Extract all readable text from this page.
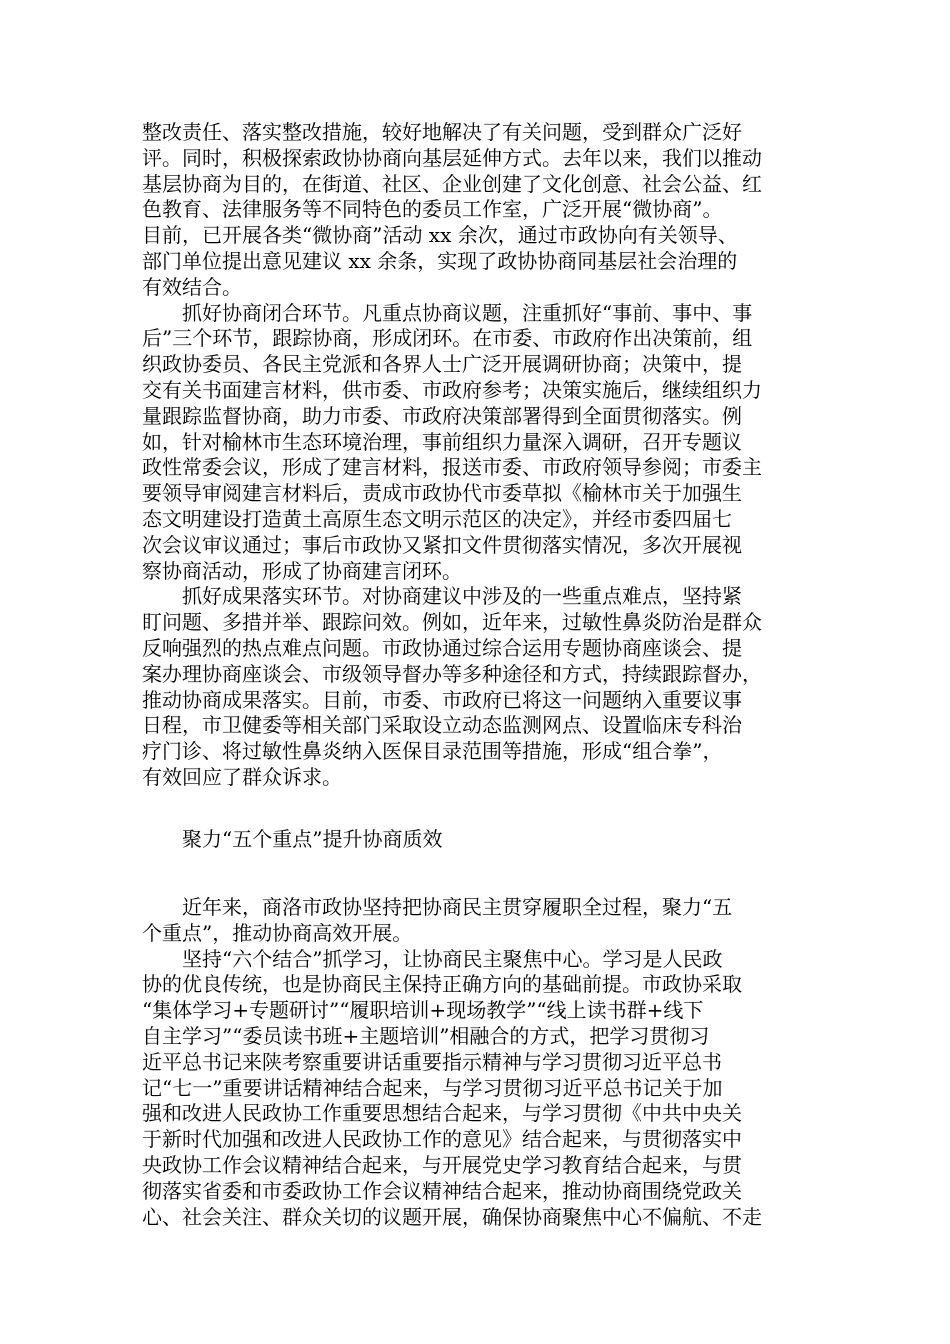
整改责任、落实整改措施，较好地解决了有关问题，受到群众广泛好
评。同时，积极探索政协协商向基层延伸方式。去年以来，我们以推动
基层协商为目的，在街道、社区、企业创建了文化创意、社会公益、红
色教育、法律服务等不同特色的委员工作室，广泛开展“微协商”。
目前，已开展各类“微协商”活动 xx 余次，通过市政协向有关领导、
部门单位提出意见建议 xx 余条，实现了政协协商同基层社会治理的
有效结合。
抓好协商闭合环节。凡重点协商议题，注重抓好“事前、事中、事
后”三个环节，跟踪协商，形成闭环。在市委、市政府作出决策前，组
织政协委员、各民主党派和各界人士广泛开展调研协商；决策中，提
交有关书面建言材料，供市委、市政府参考；决策实施后，继续组织力
量跟踪监督协商，助力市委、市政府决策部署得到全面贯彻落实。例
如，针对榆林市生态环境治理，事前组织力量深入调研，召开专题议
政性常委会议，形成了建言材料，报送市委、市政府领导参阅；市委主
要领导审阅建言材料后，责成市政协代市委草拟《榆林市关于加强生
态文明建设打造黄土高原生态文明示范区的决定》，并经市委四届七
次会议审议通过；事后市政协又紧扣文件贯彻落实情况，多次开展视
察协商活动，形成了协商建言闭环。
抓好成果落实环节。对协商建议中涉及的一些重点难点，坚持紧
盯问题、多措并举、跟踪问效。例如，近年来，过敏性鼻炎防治是群众
反响强烈的热点难点问题。市政协通过综合运用专题协商座谈会、提
案办理协商座谈会、市级领导督办等多种途径和方式，持续跟踪督办，
推动协商成果落实。目前，市委、市政府已将这一问题纳入重要议事
日程，市卫健委等相关部门采取设立动态监测网点、设置临床专科治
疗门诊、将过敏性鼻炎纳入医保目录范围等措施，形成“组合拳”，
有效回应了群众诉求。
聚力“五个重点”提升协商质效
近年来，商洛市政协坚持把协商民主贯穿履职全过程，聚力“五
个重点”，推动协商高效开展。
坚持“六个结合”抓学习，让协商民主聚焦中心。学习是人民政
协的优良传统，也是协商民主保持正确方向的基础前提。市政协采取
“集体学习+专题研讨”“履职培训+现场教学”“线上读书群+线下
自主学习”“委员读书班+主题培训”相融合的方式，把学习贯彻习
近平总书记来陕考察重要讲话重要指示精神与学习贯彻习近平总书
记“七一”重要讲话精神结合起来，与学习贯彻习近平总书记关于加
强和改进人民政协工作重要思想结合起来，与学习贯彻《中共中央关
于新时代加强和改进人民政协工作的意见》结合起来，与贯彻落实中
央政协工作会议精神结合起来，与开展党史学习教育结合起来，与贯
彻落实省委和市委政协工作会议精神结合起来，推动协商围绕党政关
心、社会关注、群众关切的议题开展，确保协商聚焦中心不偏航、不走
